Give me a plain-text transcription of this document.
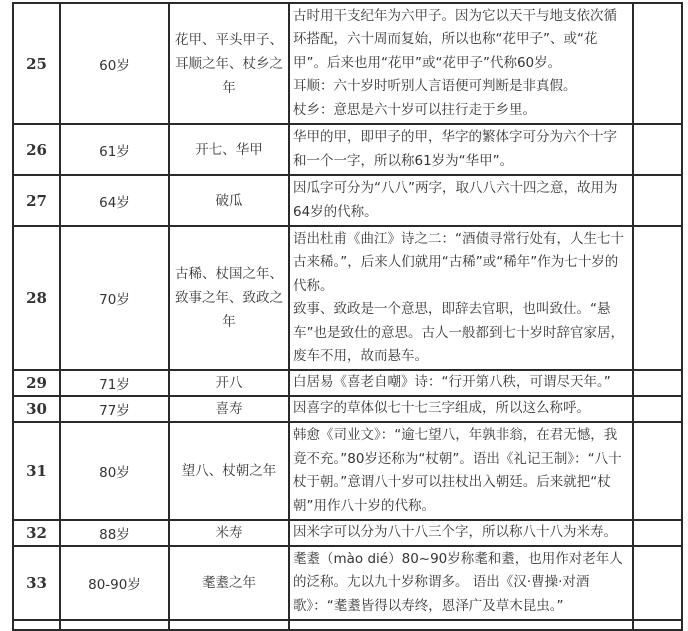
25	60岁	花甲、平头甲子、耳顺之年、杖乡之年	古时用干支纪年为六甲子。因为它以天干与地支依次循环搭配，六十周而复始，所以也称“花甲子”、或“花甲”。后来也用“花甲”或“花甲子”代称60岁。
耳顺：六十岁时听别人言语便可判断是非真假。
杖乡：意思是六十岁可以拄行走于乡里。	

26	61岁	开七、华甲	华甲的甲，即甲子的甲，华字的繁体字可分为六个十字和一个一字，所以称61岁为“华甲”。	

27	64岁	破瓜	因瓜字可分为“八八”两字，取八八六十四之意，故用为64岁的代称。	

28	70岁	古稀、杖国之年、致事之年、致政之年	语出杜甫《曲江》诗之二：“酒债寻常行处有，人生七十古来稀。”，后来人们就用“古稀”或“稀年”作为七十岁的代称。
致事、致政是一个意思，即辞去官职，也叫致仕。“悬车”也是致仕的意思。古人一般都到七十岁时辞官家居，废车不用，故而悬车。	

29	71岁	开八	白居易《喜老自嘲》诗：“行开第八秩，可谓尽天年。”	

30	77岁	喜寿	因喜字的草体似七十七三字组成，所以这么称呼。	

31	80岁	望八、杖朝之年	韩愈《司业文》：“逾七望八，年孰非翁，在君无憾，我竟不充。”80岁还称为“杖朝”。语出《礼记王制》：“八十杖于朝。”意谓八十岁可以拄杖出入朝廷。后来就把“杖朝”用作八十岁的代称。	

32	88岁	米寿	因米字可以分为八十八三个字，所以称八十八为米寿。	

33	80-90岁	耄耋之年	耄耋（mào dié）80~90岁称耄和耋，也用作对老年人的泛称。尢以九十岁称谓多。 语出《汉·曹操·对酒歌》：“耄耋皆得以寿终，恩泽广及草木昆虫。”	
